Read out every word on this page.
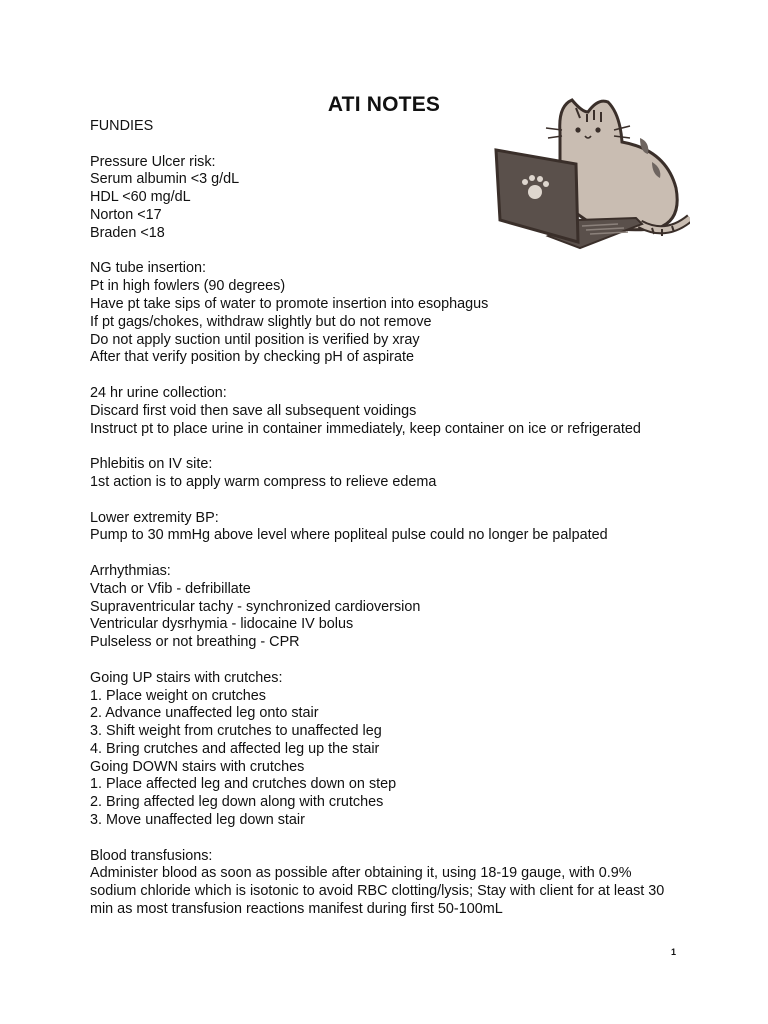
ATI NOTES
FUNDIES
Pressure Ulcer risk:
Serum albumin <3 g/dL
HDL <60 mg/dL
Norton <17
Braden <18
NG tube insertion:
Pt in high fowlers (90 degrees)
Have pt take sips of water to promote insertion into esophagus
If pt gags/chokes, withdraw slightly but do not remove
Do not apply suction until position is verified by xray
After that verify position by checking pH of aspirate
24 hr urine collection:
Discard first void then save all subsequent voidings
Instruct pt to place urine in container immediately, keep container on ice or refrigerated
Phlebitis on IV site:
1st action is to apply warm compress to relieve edema
Lower extremity BP:
Pump to 30 mmHg above level where popliteal pulse could no longer be palpated
Arrhythmias:
Vtach or Vfib - defribillate
Supraventricular tachy - synchronized cardioversion
Ventricular dysrhymia - lidocaine IV bolus
Pulseless or not breathing - CPR
Going UP stairs with crutches:
1. Place weight on crutches
2. Advance unaffected leg onto stair
3. Shift weight from crutches to unaffected leg
4. Bring crutches and affected leg up the stair
Going DOWN stairs with crutches
1. Place affected leg and crutches down on step
2. Bring affected leg down along with crutches
3. Move unaffected leg down stair
Blood transfusions:
Administer blood as soon as possible after obtaining it, using 18-19 gauge, with 0.9% sodium chloride which is isotonic to avoid RBC clotting/lysis; Stay with client for at least 30 min as most transfusion reactions manifest during first 50-100mL
1
